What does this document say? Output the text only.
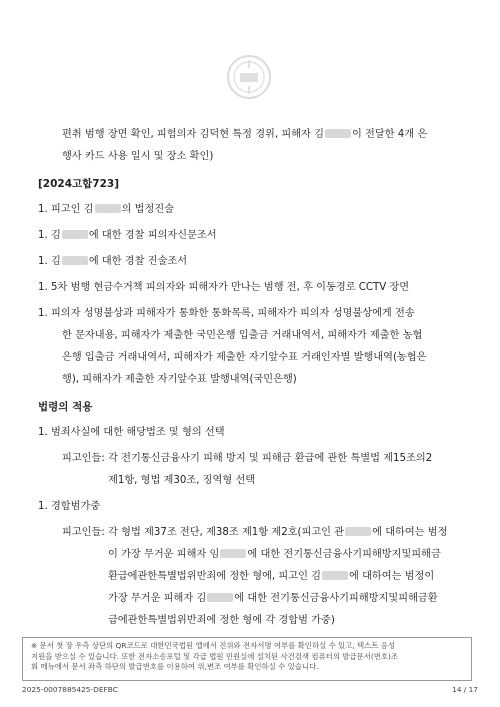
편취 범행 장면 확인, 피험의자 김덕현 특정 경위, 피해자 김	이 전달한 4개 은
행사 카드 사용 일시 및 장소 확인)
[2024고합723]
1. 피고인 김	의 법정진술
1. 김	에 대한 경찰 피의자신문조서
1. 김	에 대한 경찰 진술조서
1. 5차 범행 현금수거책 피의자와 피해자가 만나는 범행 전, 후 이동경로 CCTV 장면
1. 피의자 성명불상과 피해자가 통화한 통화목록, 피해자가 피의자 성명불상에게 전송
한 문자내용, 피해자가 제출한 국민은행 입출금 거래내역서, 피해자가 제출한 농협
은행 입출금 거래내역서, 피해자가 제출한 자기앞수표 거래인자별 발행내역(농협은
행), 피해자가 제출한 자기앞수표 발행내역(국민은행)
법령의 적용
1. 범죄사실에 대한 해당법조 및 형의 선택
피고인들: 각 전기통신금융사기 피해 방지 및 피해금 환급에 관한 특별법 제15조의2
제1항, 형법 제30조, 징역형 선택
1. 경합범가중
피고인들: 각 형법 제37조 전단, 제38조 제1항 제2호(피고인 관	에 대하여는 범정
이 가장 무거운 피해자 임	에 대한 전기통신금융사기피해방지및피해금
환급에관한특별법위반죄에 정한 형에, 피고인 김	에 대하여는 범정이
가장 무거운 피해자 김	에 대한 전기통신금융사기피해방지및피해금환
급에관한특별법위반죄에 정한 형에 각 경합범 가중)
※ 문서 첫 장 우측 상단의 QR코드로 대한민국법원 앱에서 진위와 전자서명 여부를 확인하실 수 있고, 텍스트 음성
지원을 받으실 수 있습니다. 또한 전자소송포털 및 각급 법원 민원실에 설치된 사건검색 컴퓨터의 발급문서(번호)조
회 메뉴에서 문서 좌측 하단의 발급번호를 이용하여 위,변조 여부를 확인하실 수 있습니다.
2025-0007885425-DEFBC	14 / 17
